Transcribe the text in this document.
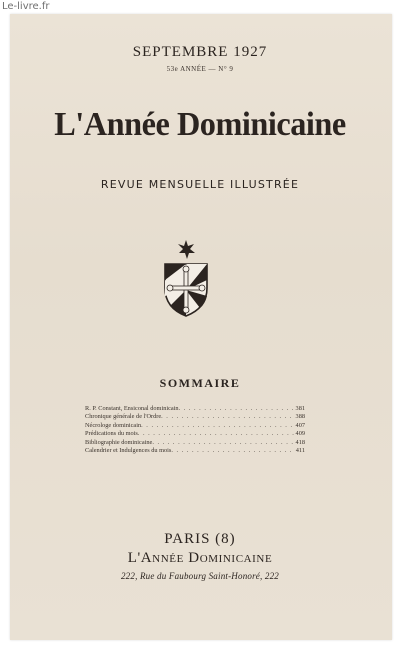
Le-livre.fr
SEPTEMBRE 1927
53e ANNÉE — N° 9
L'Année Dominicaine
REVUE MENSUELLE ILLUSTRÉE
SOMMAIRE
R. P. Constant, Ensiconal dominicain . . .	381
Chronique générale de l'Ordre . . .	388
Nécrologe dominicain . . .	407
Prédications du mois . . .	409
Bibliographie dominicaine . . .	418
Calendrier et Indulgences du mois . . .	411
PARIS (8)
L'Année Dominicaine
222, Rue du Faubourg Saint-Honoré, 222
